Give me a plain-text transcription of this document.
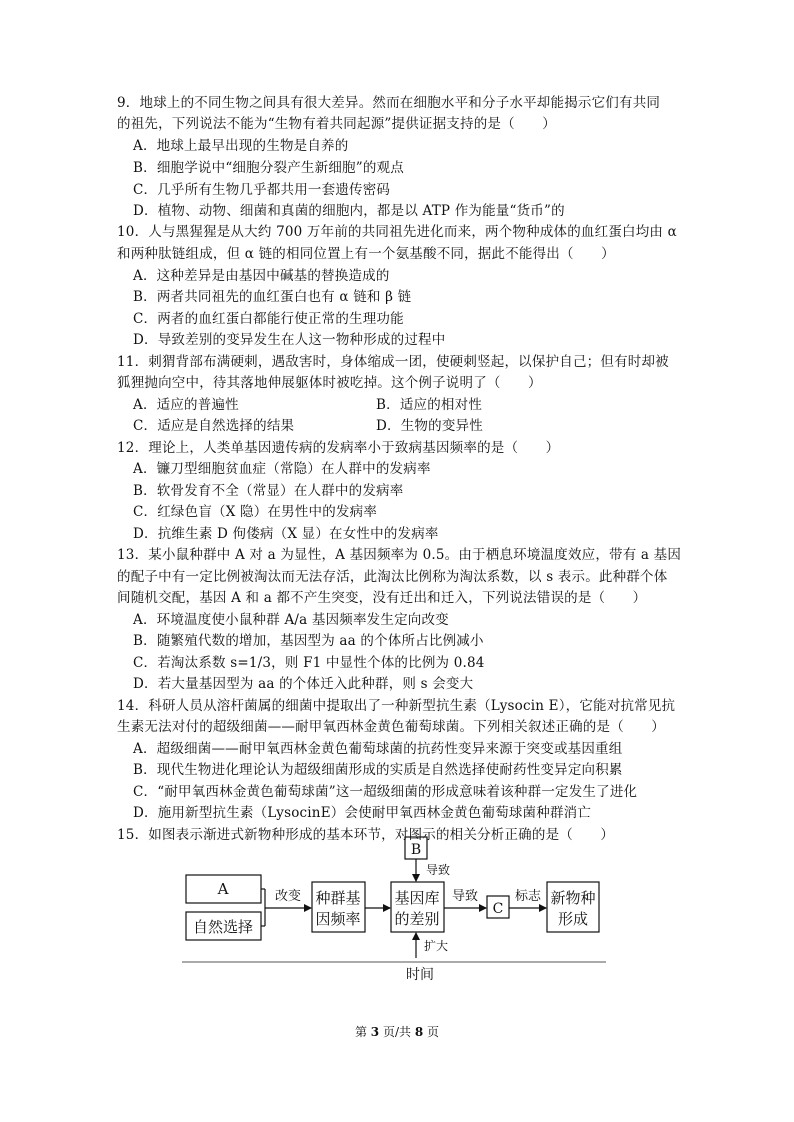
9．地球上的不同生物之间具有很大差异。然而在细胞水平和分子水平却能揭示它们有共同
的祖先，下列说法不能为“生物有着共同起源”提供证据支持的是（　　）
A．地球上最早出现的生物是自养的
B．细胞学说中“细胞分裂产生新细胞”的观点
C．几乎所有生物几乎都共用一套遗传密码
D．植物、动物、细菌和真菌的细胞内，都是以 ATP 作为能量“货币”的
10．人与黑猩猩是从大约 700 万年前的共同祖先进化而来，两个物种成体的血红蛋白均由 α
和两种肽链组成，但 α 链的相同位置上有一个氨基酸不同，据此不能得出（　　）
A．这种差异是由基因中碱基的替换造成的
B．两者共同祖先的血红蛋白也有 α 链和 β 链
C．两者的血红蛋白都能行使正常的生理功能
D．导致差别的变异发生在人这一物种形成的过程中
11．刺猬背部布满硬刺，遇敌害时，身体缩成一团，使硬刺竖起，以保护自己；但有时却被
狐狸抛向空中，待其落地伸展躯体时被吃掉。这个例子说明了（　　）
A．适应的普遍性	B．适应的相对性
C．适应是自然选择的结果	D．生物的变异性
12．理论上，人类单基因遗传病的发病率小于致病基因频率的是（　　）
A．镰刀型细胞贫血症（常隐）在人群中的发病率
B．软骨发育不全（常显）在人群中的发病率
C．红绿色盲（X 隐）在男性中的发病率
D．抗维生素 D 佝偻病（X 显）在女性中的发病率
13．某小鼠种群中 A 对 a 为显性，A 基因频率为 0.5。由于栖息环境温度效应，带有 a 基因
的配子中有一定比例被淘汰而无法存活，此淘汰比例称为淘汰系数，以 s 表示。此种群个体
间随机交配，基因 A 和 a 都不产生突变，没有迁出和迁入，下列说法错误的是（　　）
A．环境温度使小鼠种群 A/a 基因频率发生定向改变
B．随繁殖代数的增加，基因型为 aa 的个体所占比例减小
C．若淘汰系数 s=1/3，则 F1 中显性个体的比例为 0.84
D．若大量基因型为 aa 的个体迁入此种群，则 s 会变大
14．科研人员从溶杆菌属的细菌中提取出了一种新型抗生素（Lysocin E），它能对抗常见抗
生素无法对付的超级细菌——耐甲氧西林金黄色葡萄球菌。下列相关叙述正确的是（　　）
A．超级细菌——耐甲氧西林金黄色葡萄球菌的抗药性变异来源于突变或基因重组
B．现代生物进化理论认为超级细菌形成的实质是自然选择使耐药性变异定向积累
C．“耐甲氧西林金黄色葡萄球菌”这一超级细菌的形成意味着该种群一定发生了进化
D．施用新型抗生素（LysocinE）会使耐甲氧西林金黄色葡萄球菌种群消亡
15．如图表示渐进式新物种形成的基本环节，对图示的相关分析正确的是（　　）
A
自然选择
改变 种群基
因频率
B
导致
基因库
的差别
导致
C
标志 新物种
形成
扩大
时间
第 3 页/共 8 页
